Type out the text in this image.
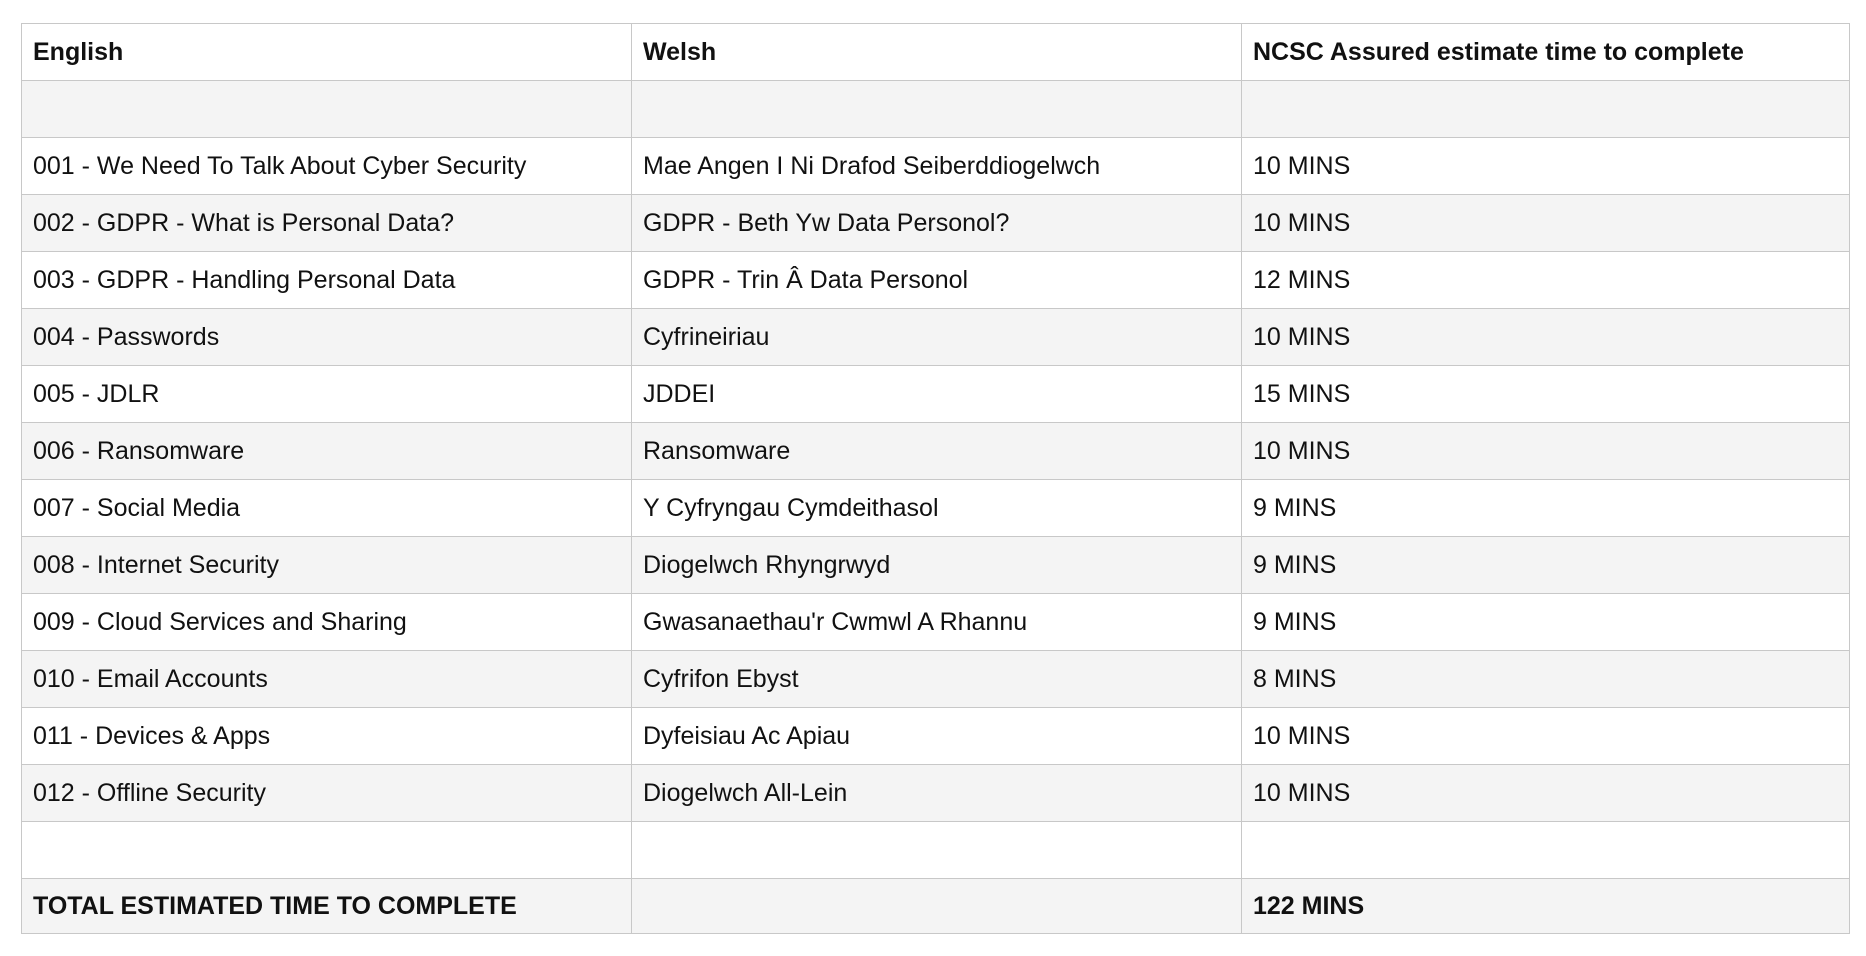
English	Welsh	NCSC Assured estimate time to complete

001 - We Need To Talk About Cyber Security	Mae Angen I Ni Drafod Seiberddiogelwch	10 MINS
002 - GDPR - What is Personal Data?	GDPR - Beth Yw Data Personol?	10 MINS
003 - GDPR - Handling Personal Data	GDPR - Trin Â Data Personol	12 MINS
004 - Passwords	Cyfrineiriau	10 MINS
005 - JDLR	JDDEI	15 MINS
006 - Ransomware	Ransomware	10 MINS
007 - Social Media	Y Cyfryngau Cymdeithasol	9 MINS
008 - Internet Security	Diogelwch Rhyngrwyd	9 MINS
009 - Cloud Services and Sharing	Gwasanaethau'r Cwmwl A Rhannu	9 MINS
010 - Email Accounts	Cyfrifon Ebyst	8 MINS
011 - Devices & Apps	Dyfeisiau Ac Apiau	10 MINS
012 - Offline Security	Diogelwch All-Lein	10 MINS

TOTAL ESTIMATED TIME TO COMPLETE		122 MINS
